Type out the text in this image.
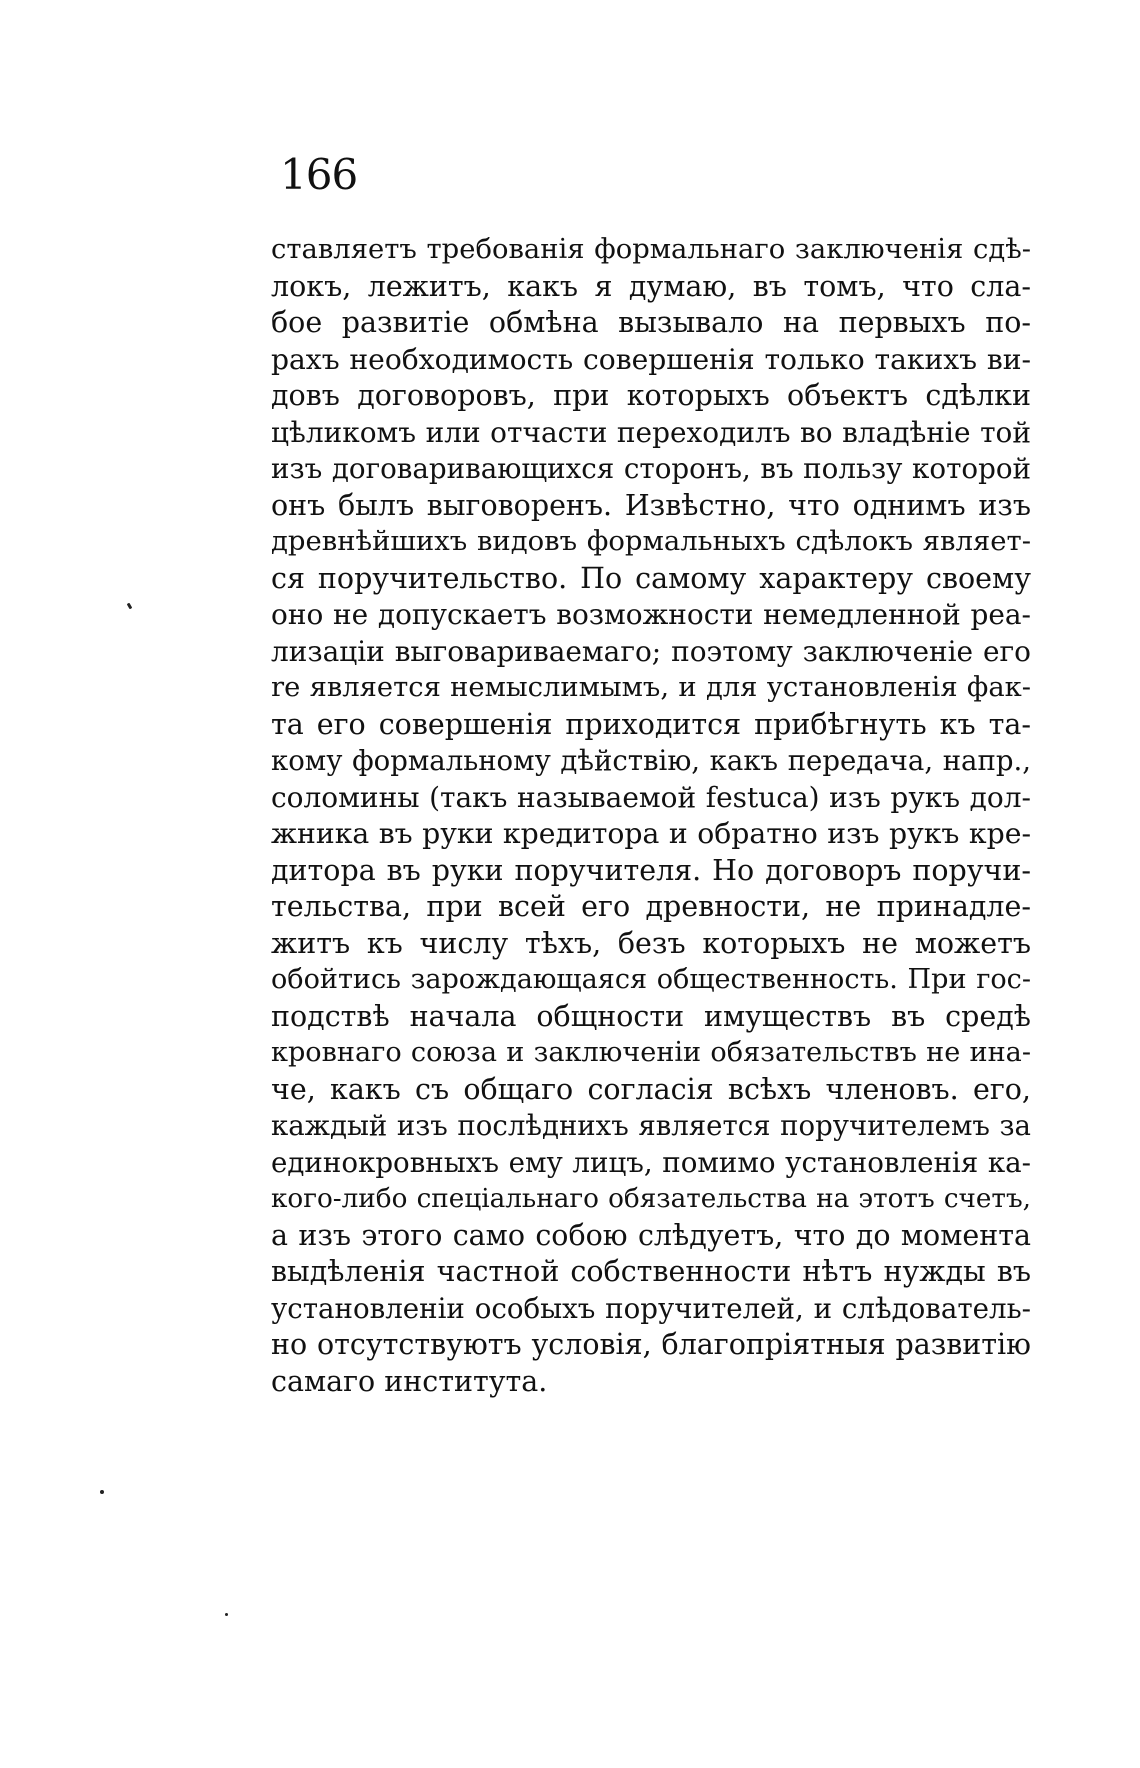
166
ставляетъ требованія формальнаго заключенія сдѣ-
локъ, лежитъ, какъ я думаю, въ томъ, что сла-
бое развитіе обмѣна вызывало на первыхъ по-
рахъ необходимость совершенія только такихъ ви-
довъ договоровъ, при которыхъ объектъ сдѣлки
цѣликомъ или отчасти переходилъ во владѣніе той
изъ договаривающихся сторонъ, въ пользу которой
онъ былъ выговоренъ. Извѣстно, что однимъ изъ
древнѣйшихъ видовъ формальныхъ сдѣлокъ являет-
ся поручительство. По самому характеру своему
оно не допускаетъ возможности немедленной реа-
лизаціи выговариваемаго; поэтому заключеніе его
re является немыслимымъ, и для установленія фак-
та его совершенія приходится прибѣгнуть къ та-
кому формальному дѣйствію, какъ передача, напр.,
соломины (такъ называемой festuca) изъ рукъ дол-
жника въ руки кредитора и обратно изъ рукъ кре-
дитора въ руки поручителя. Но договоръ поручи-
тельства, при всей его древности, не принадле-
житъ къ числу тѣхъ, безъ которыхъ не можетъ
обойтись зарождающаяся общественность. При гос-
подствѣ начала общности имуществъ въ средѣ
кровнаго союза и заключеніи обязательствъ не ина-
че, какъ съ общаго согласія всѣхъ членовъ. его,
каждый изъ послѣднихъ является поручителемъ за
единокровныхъ ему лицъ, помимо установленія ка-
кого-либо спеціальнаго обязательства на этотъ счетъ,
а изъ этого само собою слѣдуетъ, что до момента
выдѣленія частной собственности нѣтъ нужды въ
установленіи особыхъ поручителей, и слѣдователь-
но отсутствуютъ условія, благопріятныя развитію
самаго института.
